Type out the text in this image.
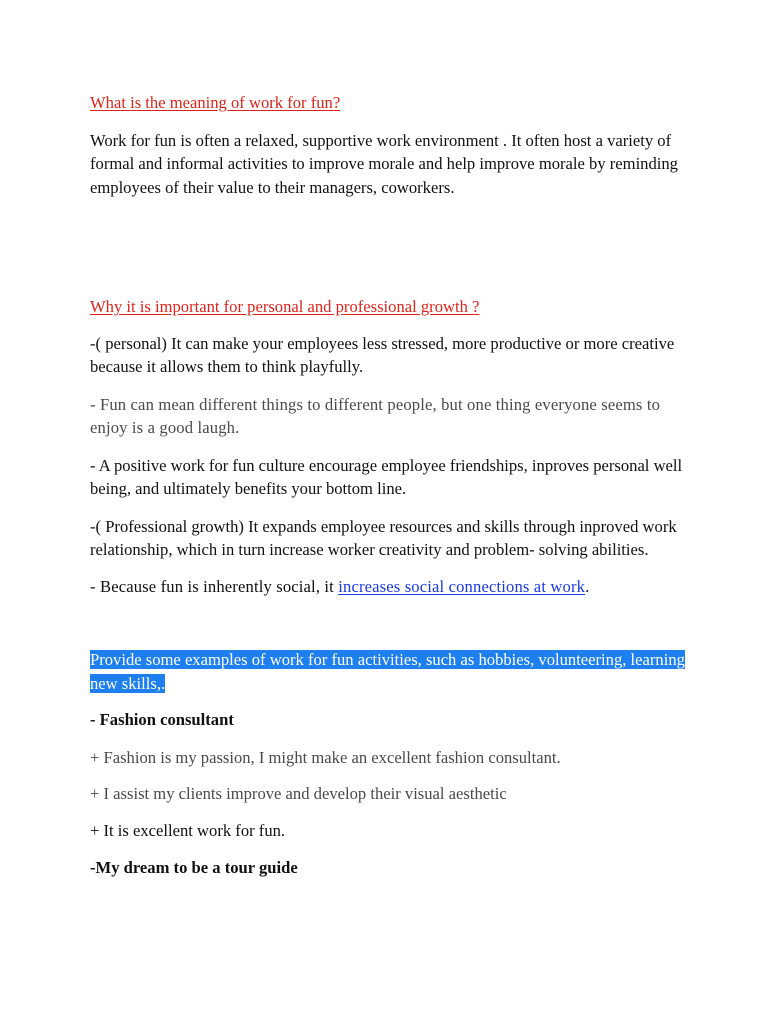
What is the meaning of work for fun?

Work for fun is often a relaxed, supportive work environment . It often host a variety of formal and informal activities to improve morale and help improve morale by reminding employees of their value to their managers, coworkers.

Why it is important for personal and professional growth ?

-( personal) It can make your employees less stressed, more productive or more creative because it allows them to think playfully.

- Fun can mean different things to different people, but one thing everyone seems to enjoy is a good laugh.

- A positive work for fun culture encourage employee friendships, inproves personal well being, and ultimately benefits your bottom line.

-( Professional growth) It expands employee resources and skills through inproved work relationship, which in turn increase worker creativity and problem- solving abilities.

- Because fun is inherently social, it increases social connections at work.

Provide some examples of work for fun activities, such as hobbies, volunteering, learning new skills,.

- Fashion consultant

+ Fashion is my passion, I might make an excellent fashion consultant.

+ I assist my clients improve and develop their visual aesthetic

+ It is excellent work for fun.

-My dream to be a tour guide
